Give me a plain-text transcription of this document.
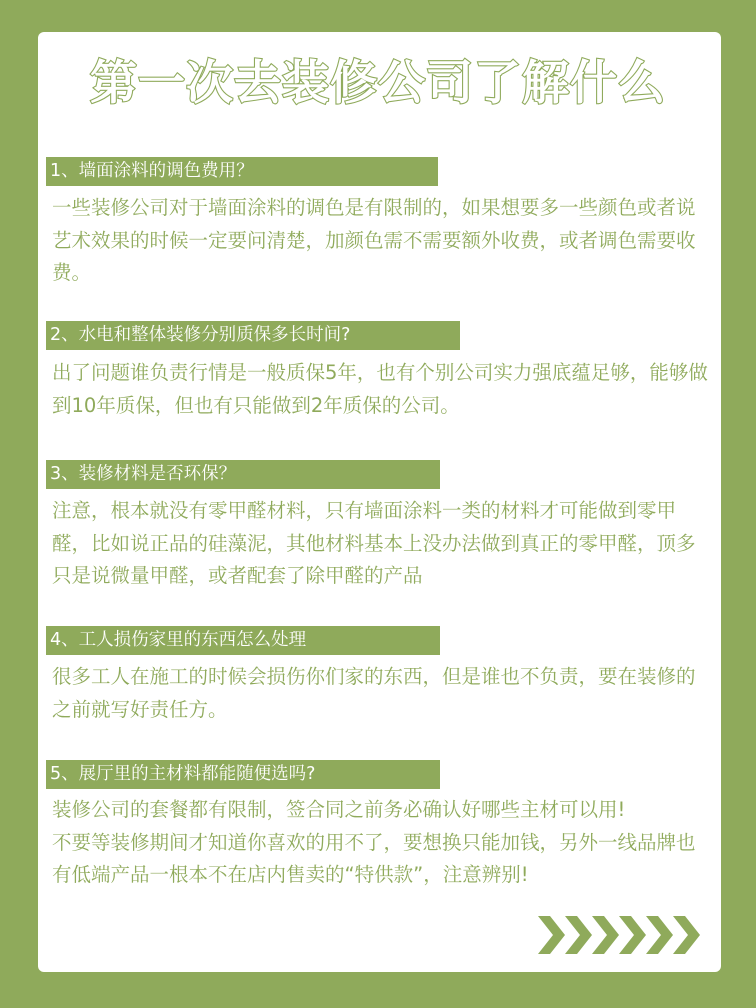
第一次去装修公司了解什么
1、墙面涂料的调色费用？

一些装修公司对于墙面涂料的调色是有限制的，如果想要多一些颜色或者说艺术效果的时候一定要问清楚，加颜色需不需要额外收费，或者调色需要收费。

2、水电和整体装修分别质保多长时间?

出了问题谁负责行情是一般质保5年，也有个别公司实力强底蕴足够，能够做到10年质保，但也有只能做到2年质保的公司。

3、装修材料是否环保？

注意，根本就没有零甲醛材料，只有墙面涂料一类的材料才可能做到零甲醛，比如说正品的硅藻泥，其他材料基本上没办法做到真正的零甲醛，顶多只是说微量甲醛，或者配套了除甲醛的产品

4、工人损伤家里的东西怎么处理

很多工人在施工的时候会损伤你们家的东西，但是谁也不负责，要在装修的之前就写好责任方。

5、展厅里的主材料都能随便选吗?

装修公司的套餐都有限制，签合同之前务必确认好哪些主材可以用!

不要等装修期间才知道你喜欢的用不了，要想换只能加钱，另外一线品牌也有低端产品一根本不在店内售卖的“特供款”，注意辨别!
